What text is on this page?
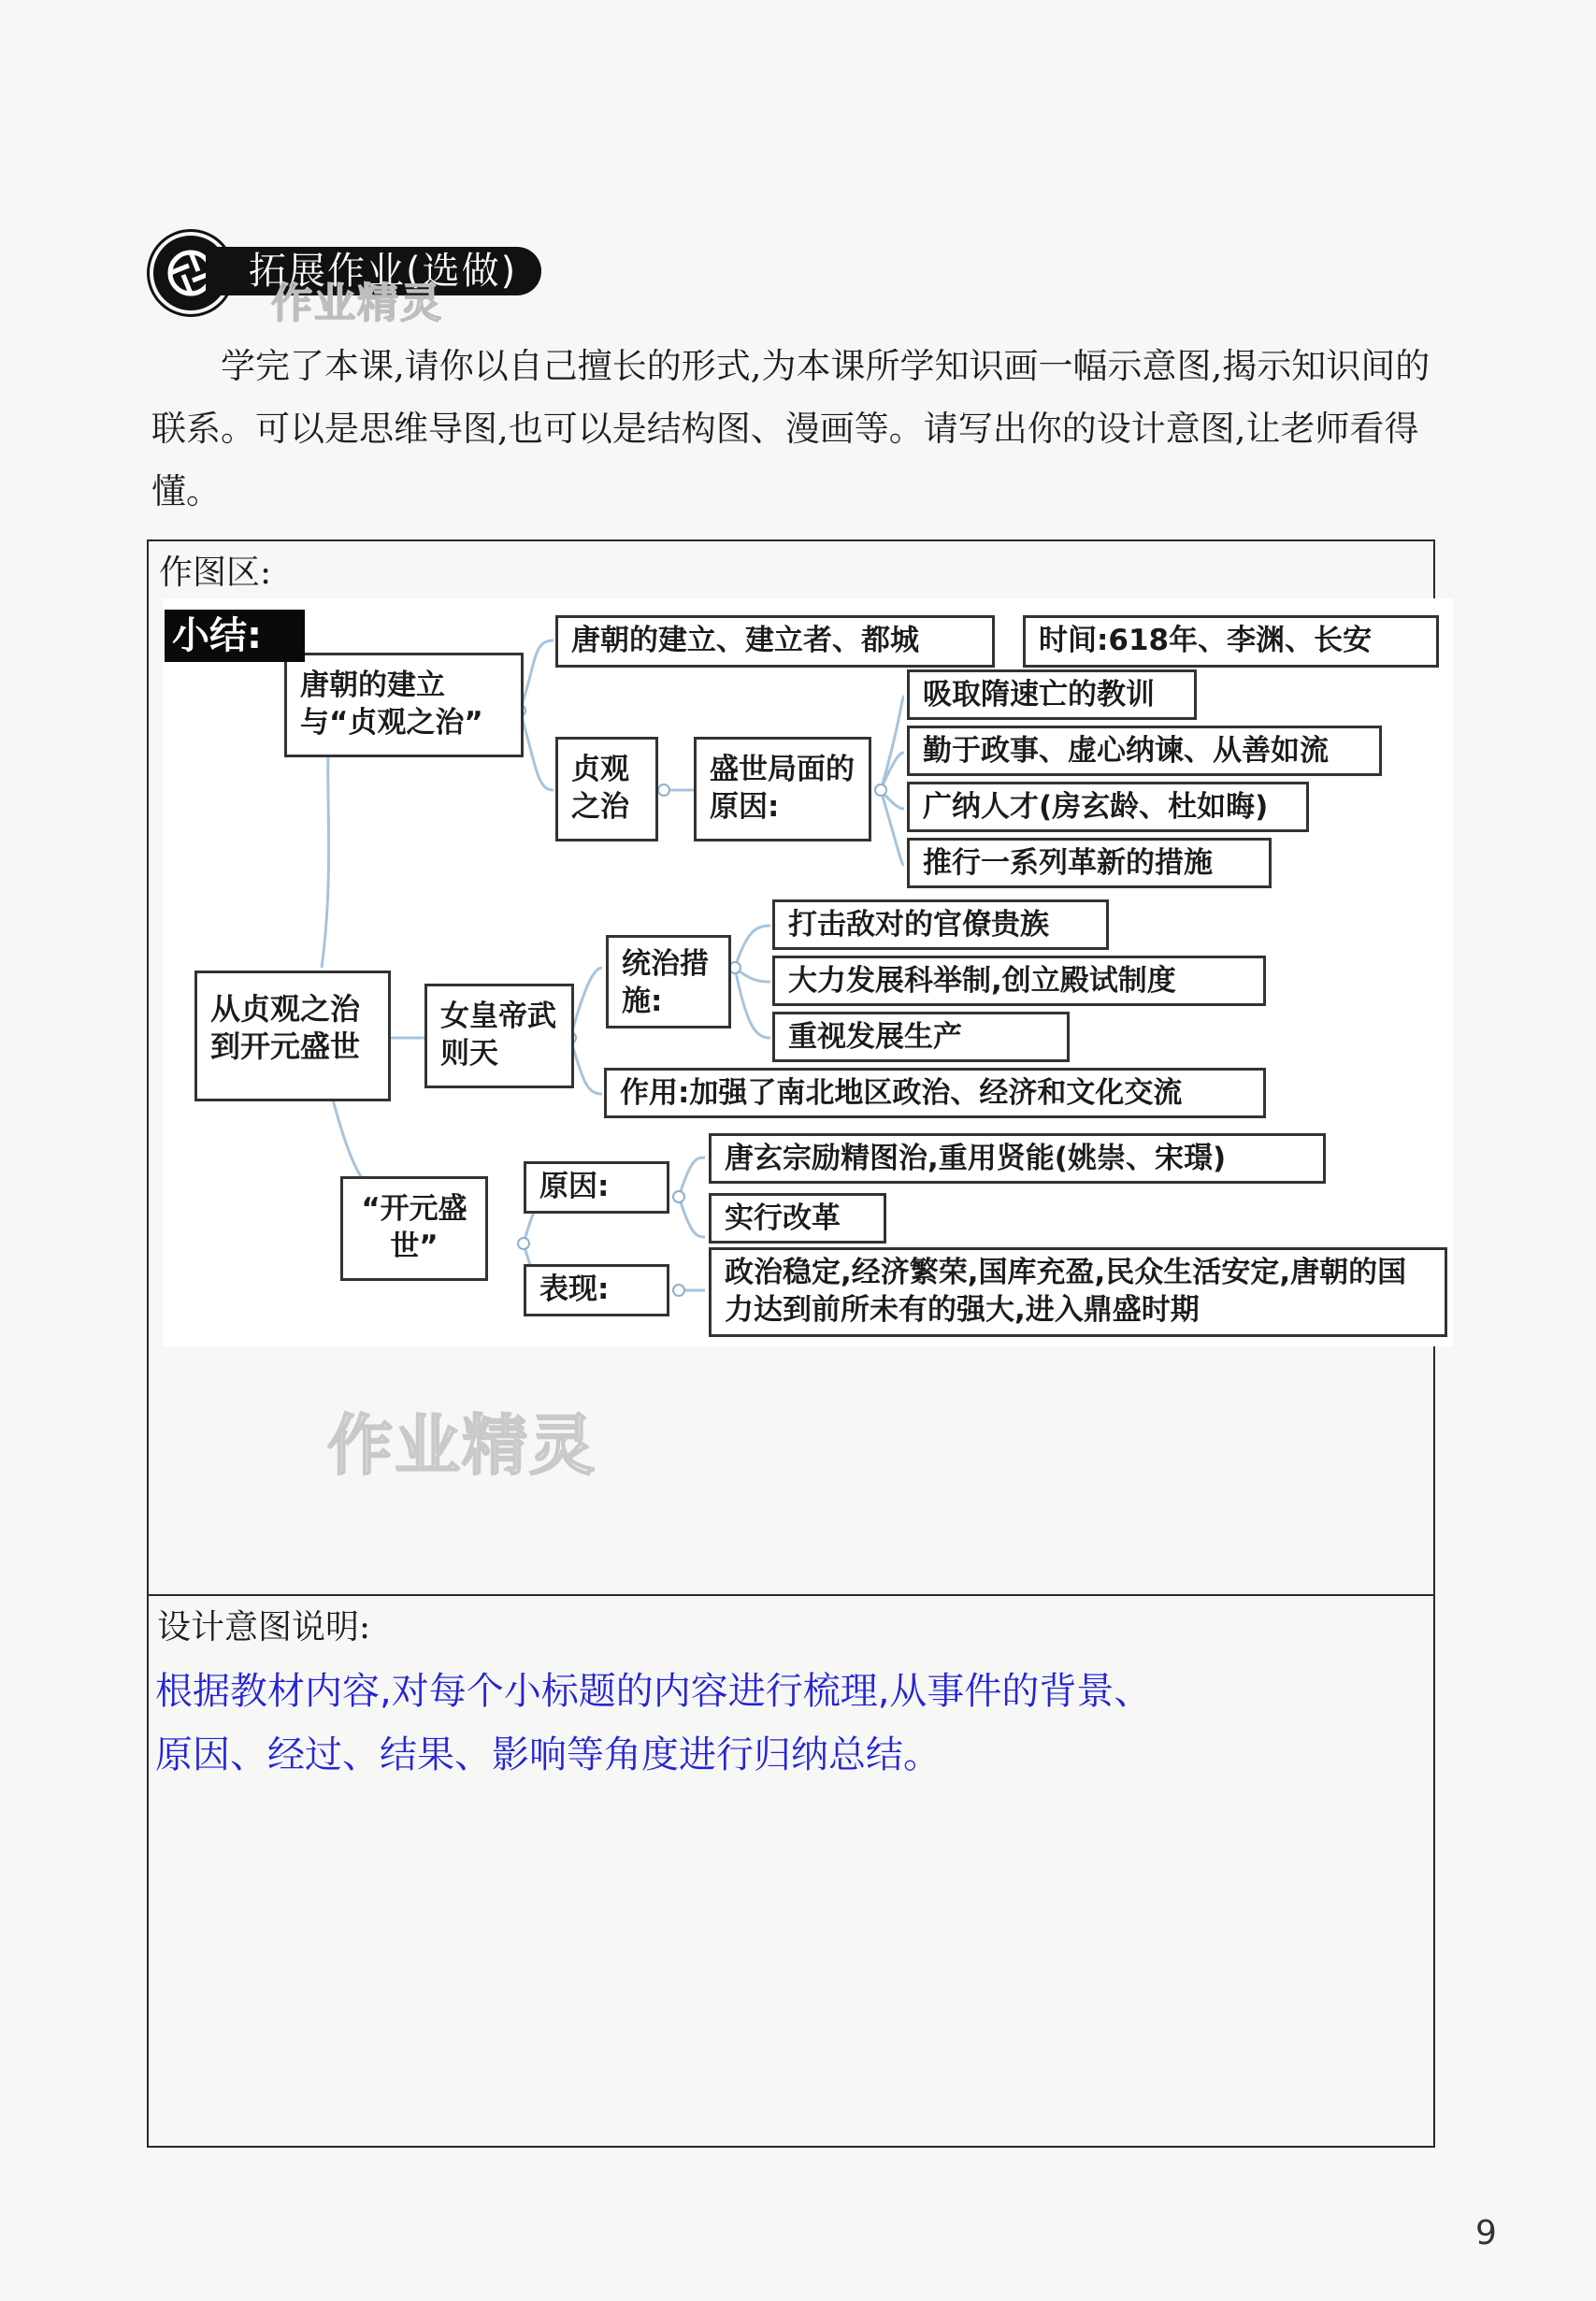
拓展作业(选做)
作业精灵

学完了本课,请你以自己擅长的形式,为本课所学知识画一幅示意图,揭示知识间的联系。可以是思维导图,也可以是结构图、漫画等。请写出你的设计意图,让老师看得懂。

作图区:
从贞观之治到开元盛世
唐朝的建立与“贞观之治”
唐朝的建立、建立者、都城	时间:618年、李渊、长安
贞观之治
盛世局面的原因:
吸取隋速亡的教训
勤于政事、虚心纳谏、从善如流
广纳人才(房玄龄、杜如晦)
推行一系列革新的措施
女皇帝武则天
统治措施:
打击敌对的官僚贵族
大力发展科举制,创立殿试制度
重视发展生产
作用:加强了南北地区政治、经济和文化交流
“开元盛世”
原因:
唐玄宗励精图治,重用贤能(姚崇、宋璟)
实行改革
表现:	政治稳定,经济繁荣,国库充盈,民众生活安定,唐朝的国力达到前所未有的强大,进入鼎盛时期
小结:
作业精灵
设计意图说明:

根据教材内容,对每个小标题的内容进行梳理,从事件的背景、

原因、经过、结果、影响等角度进行归纳总结。

9
